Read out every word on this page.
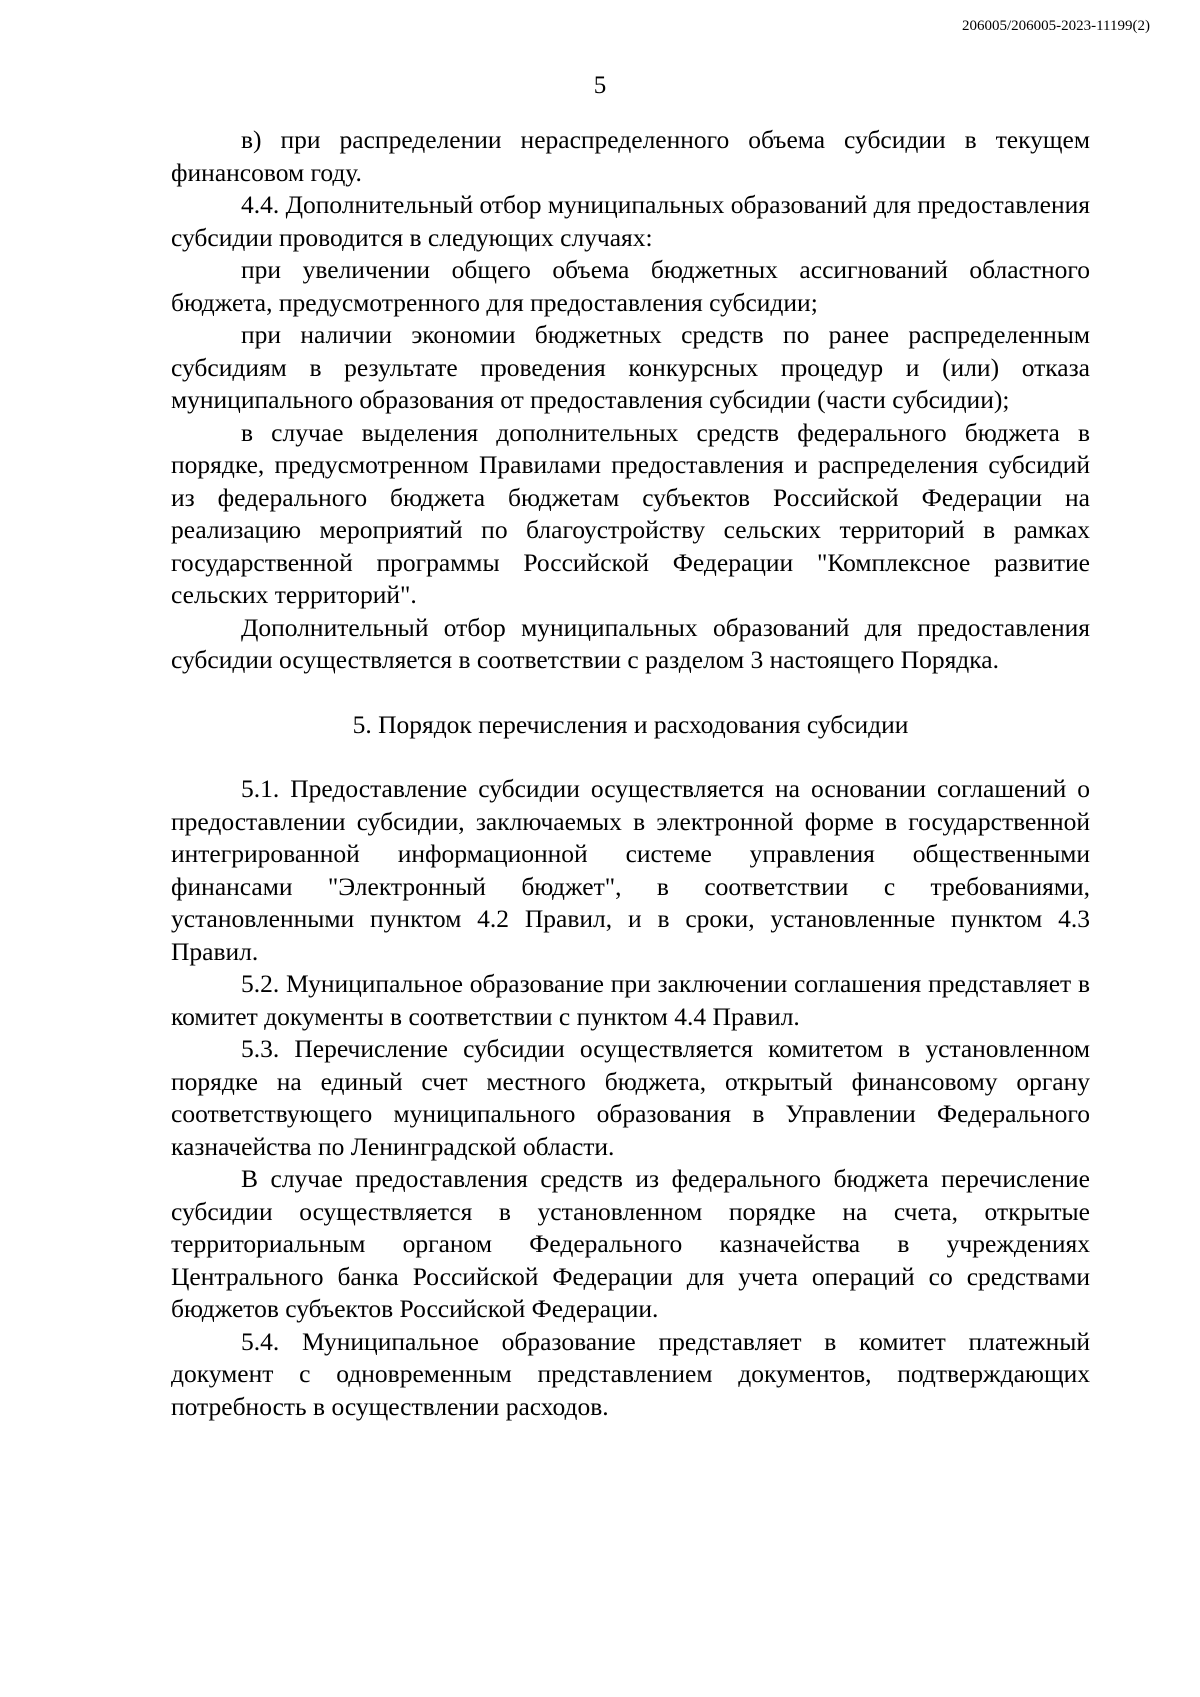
206005/206005-2023-11199(2)
5

в) при распределении нераспределенного объема субсидии в текущем финансовом году.

4.4. Дополнительный отбор муниципальных образований для предоставления субсидии проводится в следующих случаях:

при увеличении общего объема бюджетных ассигнований областного бюджета, предусмотренного для предоставления субсидии;

при наличии экономии бюджетных средств по ранее распределенным субсидиям в результате проведения конкурсных процедур и (или) отказа муниципального образования от предоставления субсидии (части субсидии);

в случае выделения дополнительных средств федерального бюджета в порядке, предусмотренном Правилами предоставления и распределения субсидий из федерального бюджета бюджетам субъектов Российской Федерации на реализацию мероприятий по благоустройству сельских территорий в рамках государственной программы Российской Федерации "Комплексное развитие сельских территорий".

Дополнительный отбор муниципальных образований для предоставления субсидии осуществляется в соответствии с разделом 3 настоящего Порядка.

5. Порядок перечисления и расходования субсидии

5.1. Предоставление субсидии осуществляется на основании соглашений о предоставлении субсидии, заключаемых в электронной форме в государственной интегрированной информационной системе управления общественными финансами "Электронный бюджет", в соответствии с требованиями, установленными пунктом 4.2 Правил, и в сроки, установленные пунктом 4.3 Правил.

5.2. Муниципальное образование при заключении соглашения представляет в комитет документы в соответствии с пунктом 4.4 Правил.

5.3. Перечисление субсидии осуществляется комитетом в установленном порядке на единый счет местного бюджета, открытый финансовому органу соответствующего муниципального образования в Управлении Федерального казначейства по Ленинградской области.

В случае предоставления средств из федерального бюджета перечисление субсидии осуществляется в установленном порядке на счета, открытые территориальным органом Федерального казначейства в учреждениях Центрального банка Российской Федерации для учета операций со средствами бюджетов субъектов Российской Федерации.

5.4. Муниципальное образование представляет в комитет платежный документ с одновременным представлением документов, подтверждающих потребность в осуществлении расходов.
